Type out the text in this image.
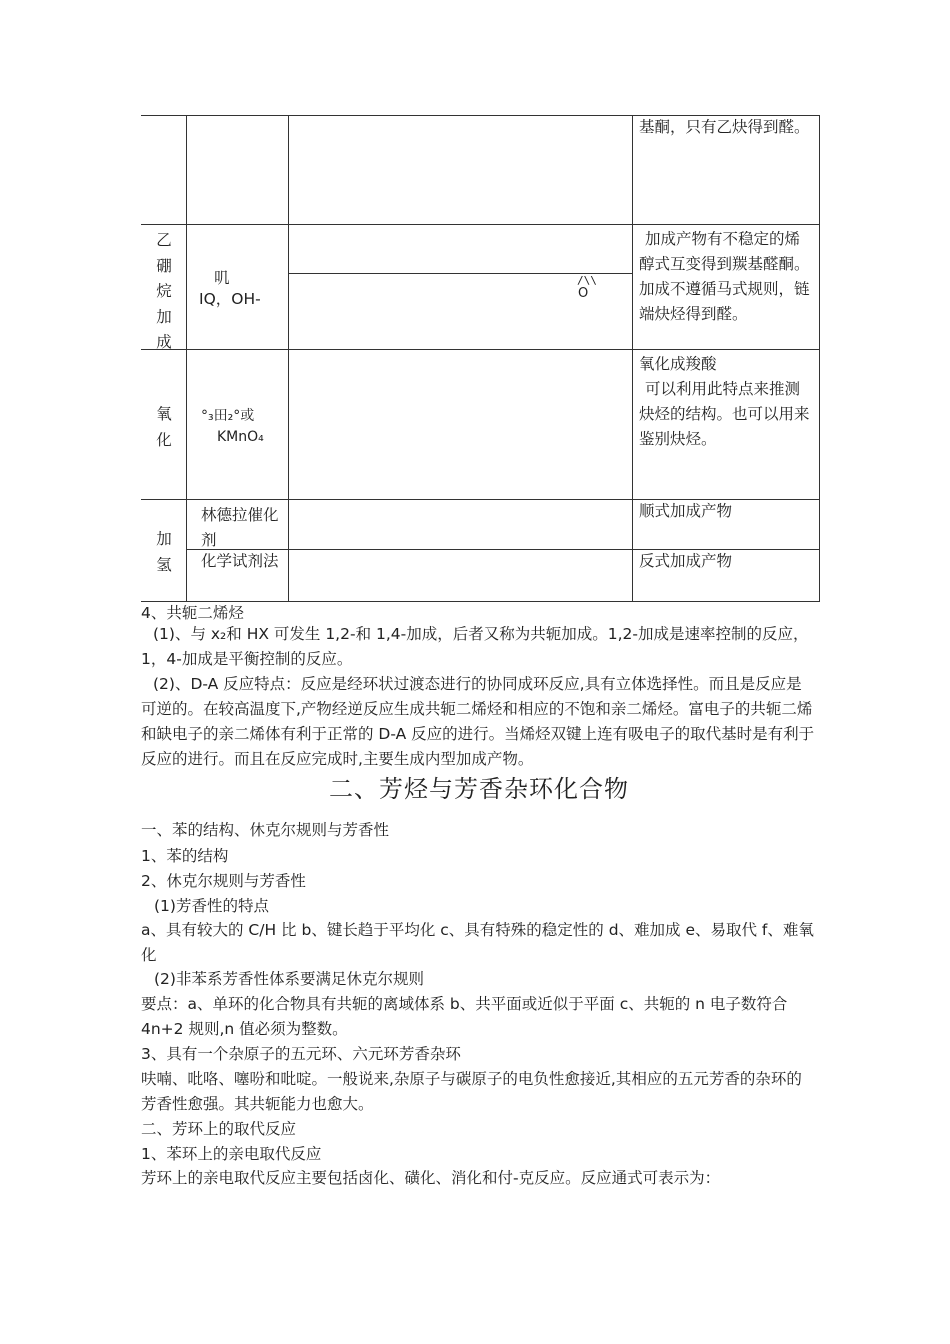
基酮，只有乙炔得到醛。
乙硼烷加成
叽
IQ，OH-
/\\
O
加成产物有不稳定的烯醇式互变得到羰基醛酮。加成不遵循马式规则，链端炔烃得到醛。
氧化
°₃田₂°或
KMnO₄
氧化成羧酸
可以利用此特点来推测炔烃的结构。也可以用来鉴别炔烃。
加氢
林德拉催化剂
顺式加成产物
化学试剂法	反式加成产物
4、共轭二烯烃
(1)、与 x₂和 HX 可发生 1,2-和 1,4-加成，后者又称为共轭加成。1,2-加成是速率控制的反应，1，4-加成是平衡控制的反应。
(2)、D-A 反应特点：反应是经环状过渡态进行的协同成环反应,具有立体选择性。而且是反应是可逆的。在较高温度下,产物经逆反应生成共轭二烯烃和相应的不饱和亲二烯烃。富电子的共轭二烯和缺电子的亲二烯体有利于正常的 D-A 反应的进行。当烯烃双键上连有吸电子的取代基时是有利于反应的进行。而且在反应完成时,主要生成内型加成产物。
二、芳烃与芳香杂环化合物
一、苯的结构、休克尔规则与芳香性
1、苯的结构
2、休克尔规则与芳香性
(1)芳香性的特点
a、具有较大的 C/H 比 b、键长趋于平均化 c、具有特殊的稳定性的 d、难加成 e、易取代 f、难氧化
(2)非苯系芳香性体系要满足休克尔规则
要点：a、单环的化合物具有共轭的离域体系 b、共平面或近似于平面 c、共轭的 n 电子数符合 4n+2 规则,n 值必须为整数。
3、具有一个杂原子的五元环、六元环芳香杂环
呋喃、吡咯、噻吩和吡啶。一般说来,杂原子与碳原子的电负性愈接近,其相应的五元芳香的杂环的芳香性愈强。其共轭能力也愈大。
二、芳环上的取代反应
1、苯环上的亲电取代反应
芳环上的亲电取代反应主要包括卤化、磺化、消化和付-克反应。反应通式可表示为：
